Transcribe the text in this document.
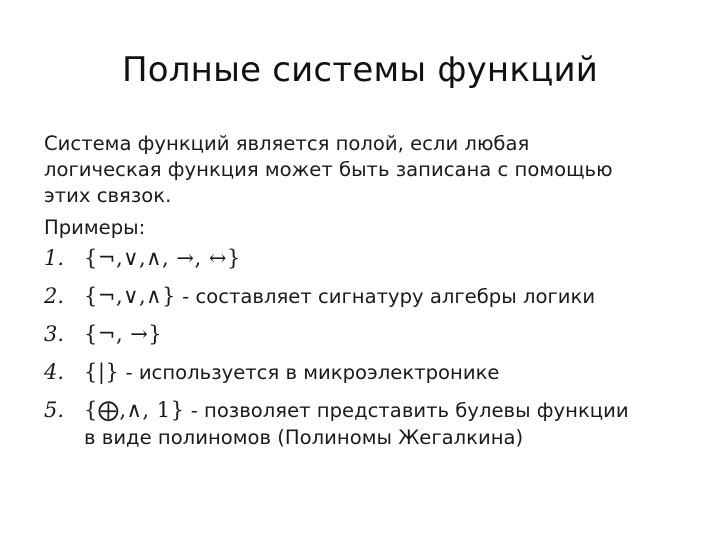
Полные системы функций
Система функций является полой, если любая
логическая функция может быть записана с помощью
этих связок.
Примеры:
1. {¬,∨,∧, →, ↔}
2. {¬,∨,∧} - составляет сигнатуру алгебры логики
3. {¬, →}
4. {|} - используется в микроэлектронике
5. {⨁,∧, 1} - позволяет представить булевы функции
в виде полиномов (Полиномы Жегалкина)
